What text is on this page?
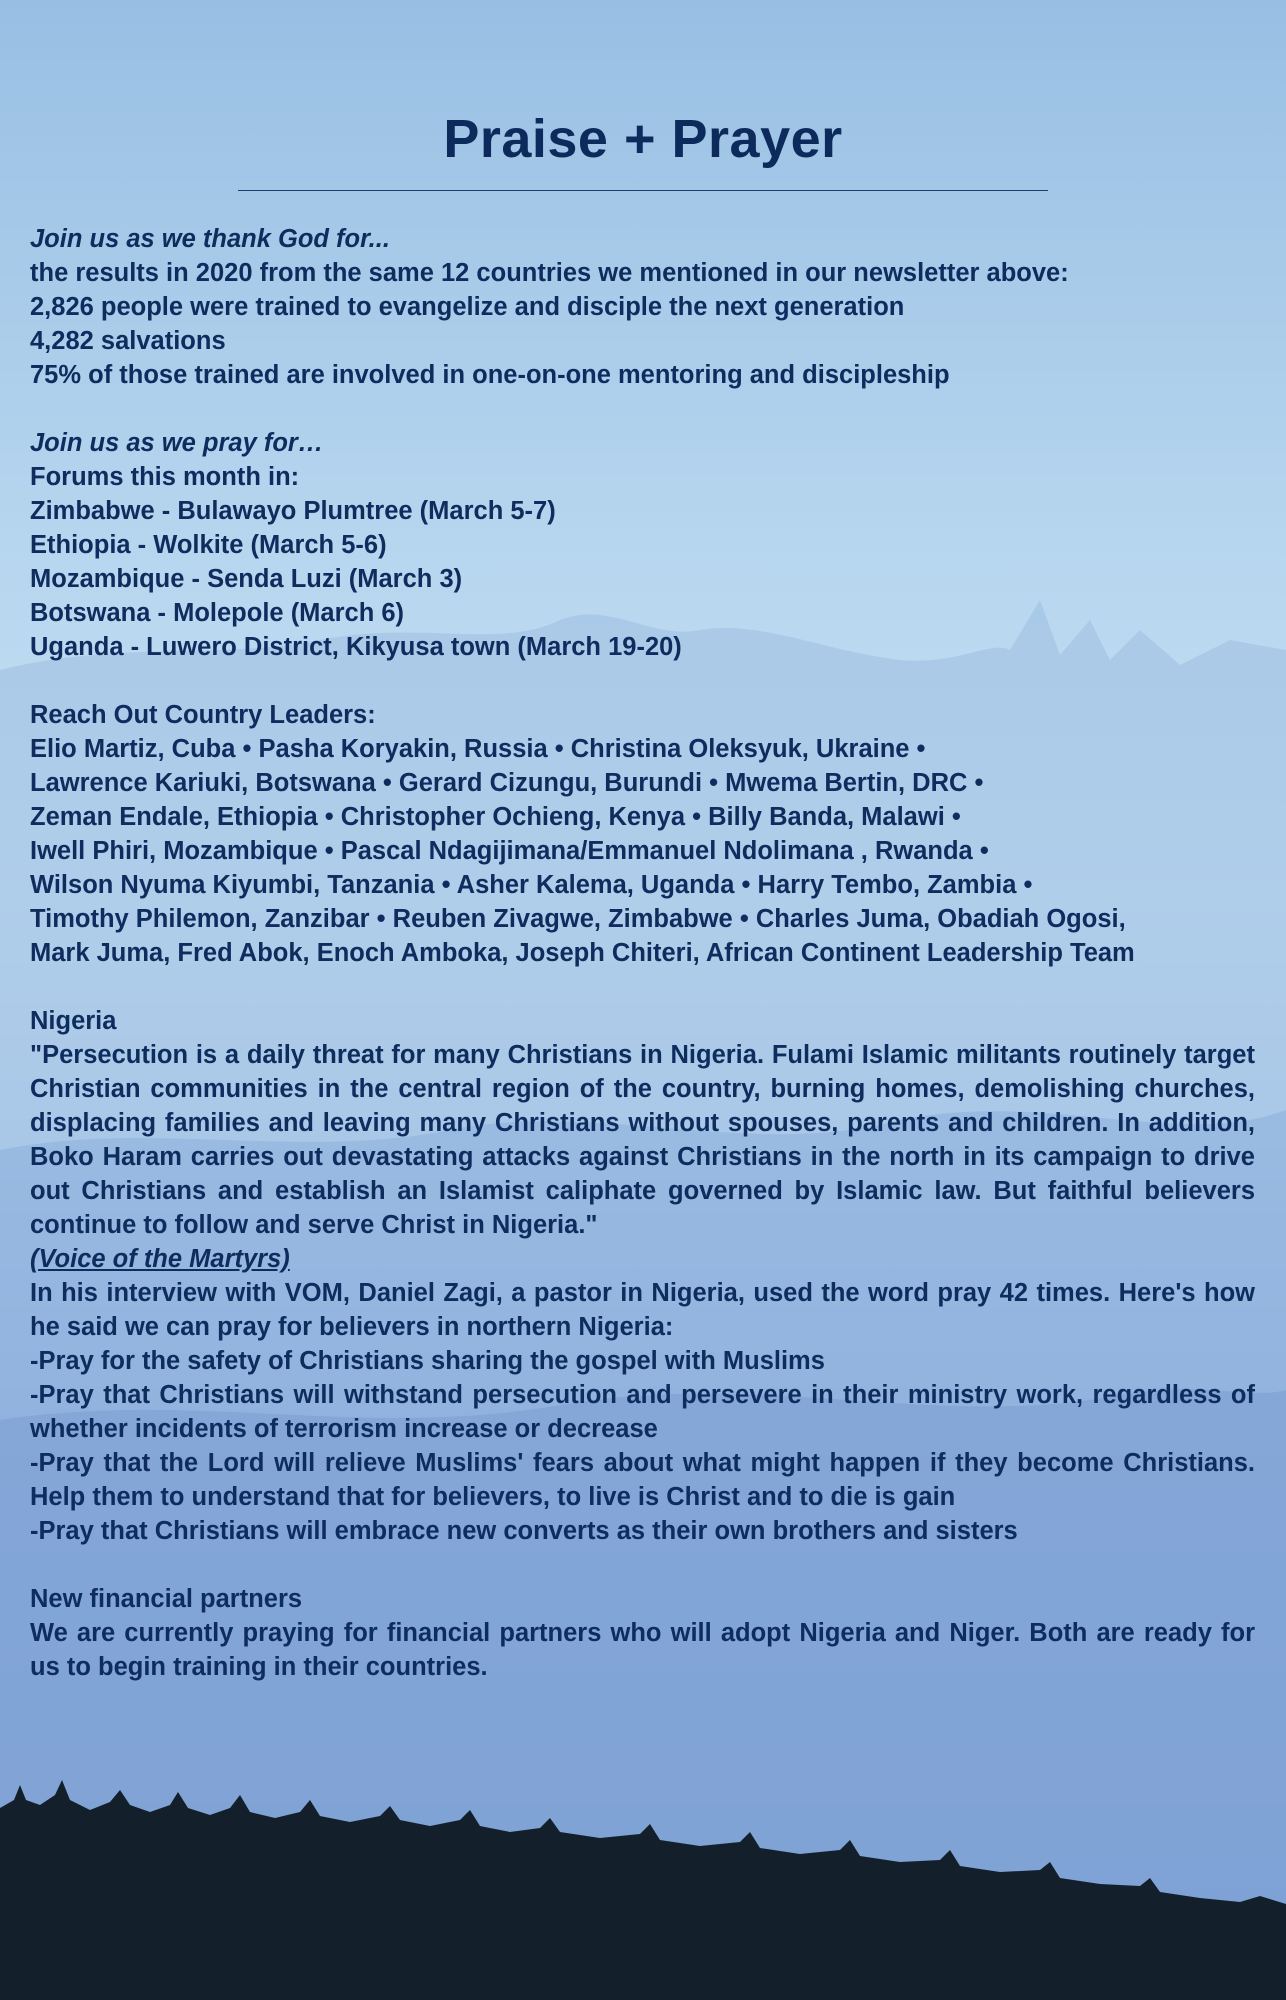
Praise + Prayer

Join us as we thank God for...

the results in 2020 from the same 12 countries we mentioned in our newsletter above:

2,826 people were trained to evangelize and disciple the next generation

4,282 salvations

75% of those trained are involved in one-on-one mentoring and discipleship

Join us as we pray for…

Forums this month in:

Zimbabwe - Bulawayo Plumtree (March 5-7)

Ethiopia - Wolkite (March 5-6)

Mozambique - Senda Luzi (March 3)

Botswana - Molepole (March 6)

Uganda - Luwero District, Kikyusa town (March 19-20)

Reach Out Country Leaders:

Elio Martiz, Cuba • Pasha Koryakin, Russia • Christina Oleksyuk, Ukraine •

Lawrence Kariuki, Botswana • Gerard Cizungu, Burundi • Mwema Bertin, DRC •

Zeman Endale, Ethiopia • Christopher Ochieng, Kenya • Billy Banda, Malawi •

Iwell Phiri, Mozambique • Pascal Ndagijimana/Emmanuel Ndolimana , Rwanda •

Wilson Nyuma Kiyumbi, Tanzania • Asher Kalema, Uganda • Harry Tembo, Zambia •

Timothy Philemon, Zanzibar • Reuben Zivagwe, Zimbabwe • Charles Juma, Obadiah Ogosi,

Mark Juma, Fred Abok, Enoch Amboka, Joseph Chiteri, African Continent Leadership Team

Nigeria

"Persecution is a daily threat for many Christians in Nigeria. Fulami Islamic militants routinely target Christian communities in the central region of the country, burning homes, demolishing churches, displacing families and leaving many Christians without spouses, parents and children. In addition, Boko Haram carries out devastating attacks against Christians in the north in its campaign to drive out Christians and establish an Islamist caliphate governed by Islamic law. But faithful believers continue to follow and serve Christ in Nigeria."

(Voice of the Martyrs)

In his interview with VOM, Daniel Zagi, a pastor in Nigeria, used the word pray 42 times. Here's how he said we can pray for believers in northern Nigeria:

-Pray for the safety of Christians sharing the gospel with Muslims

-Pray that Christians will withstand persecution and persevere in their ministry work, regardless of whether incidents of terrorism increase or decrease

-Pray that the Lord will relieve Muslims' fears about what might happen if they become Christians. Help them to understand that for believers, to live is Christ and to die is gain

-Pray that Christians will embrace new converts as their own brothers and sisters

New financial partners

We are currently praying for financial partners who will adopt Nigeria and Niger. Both are ready for us to begin training in their countries.
